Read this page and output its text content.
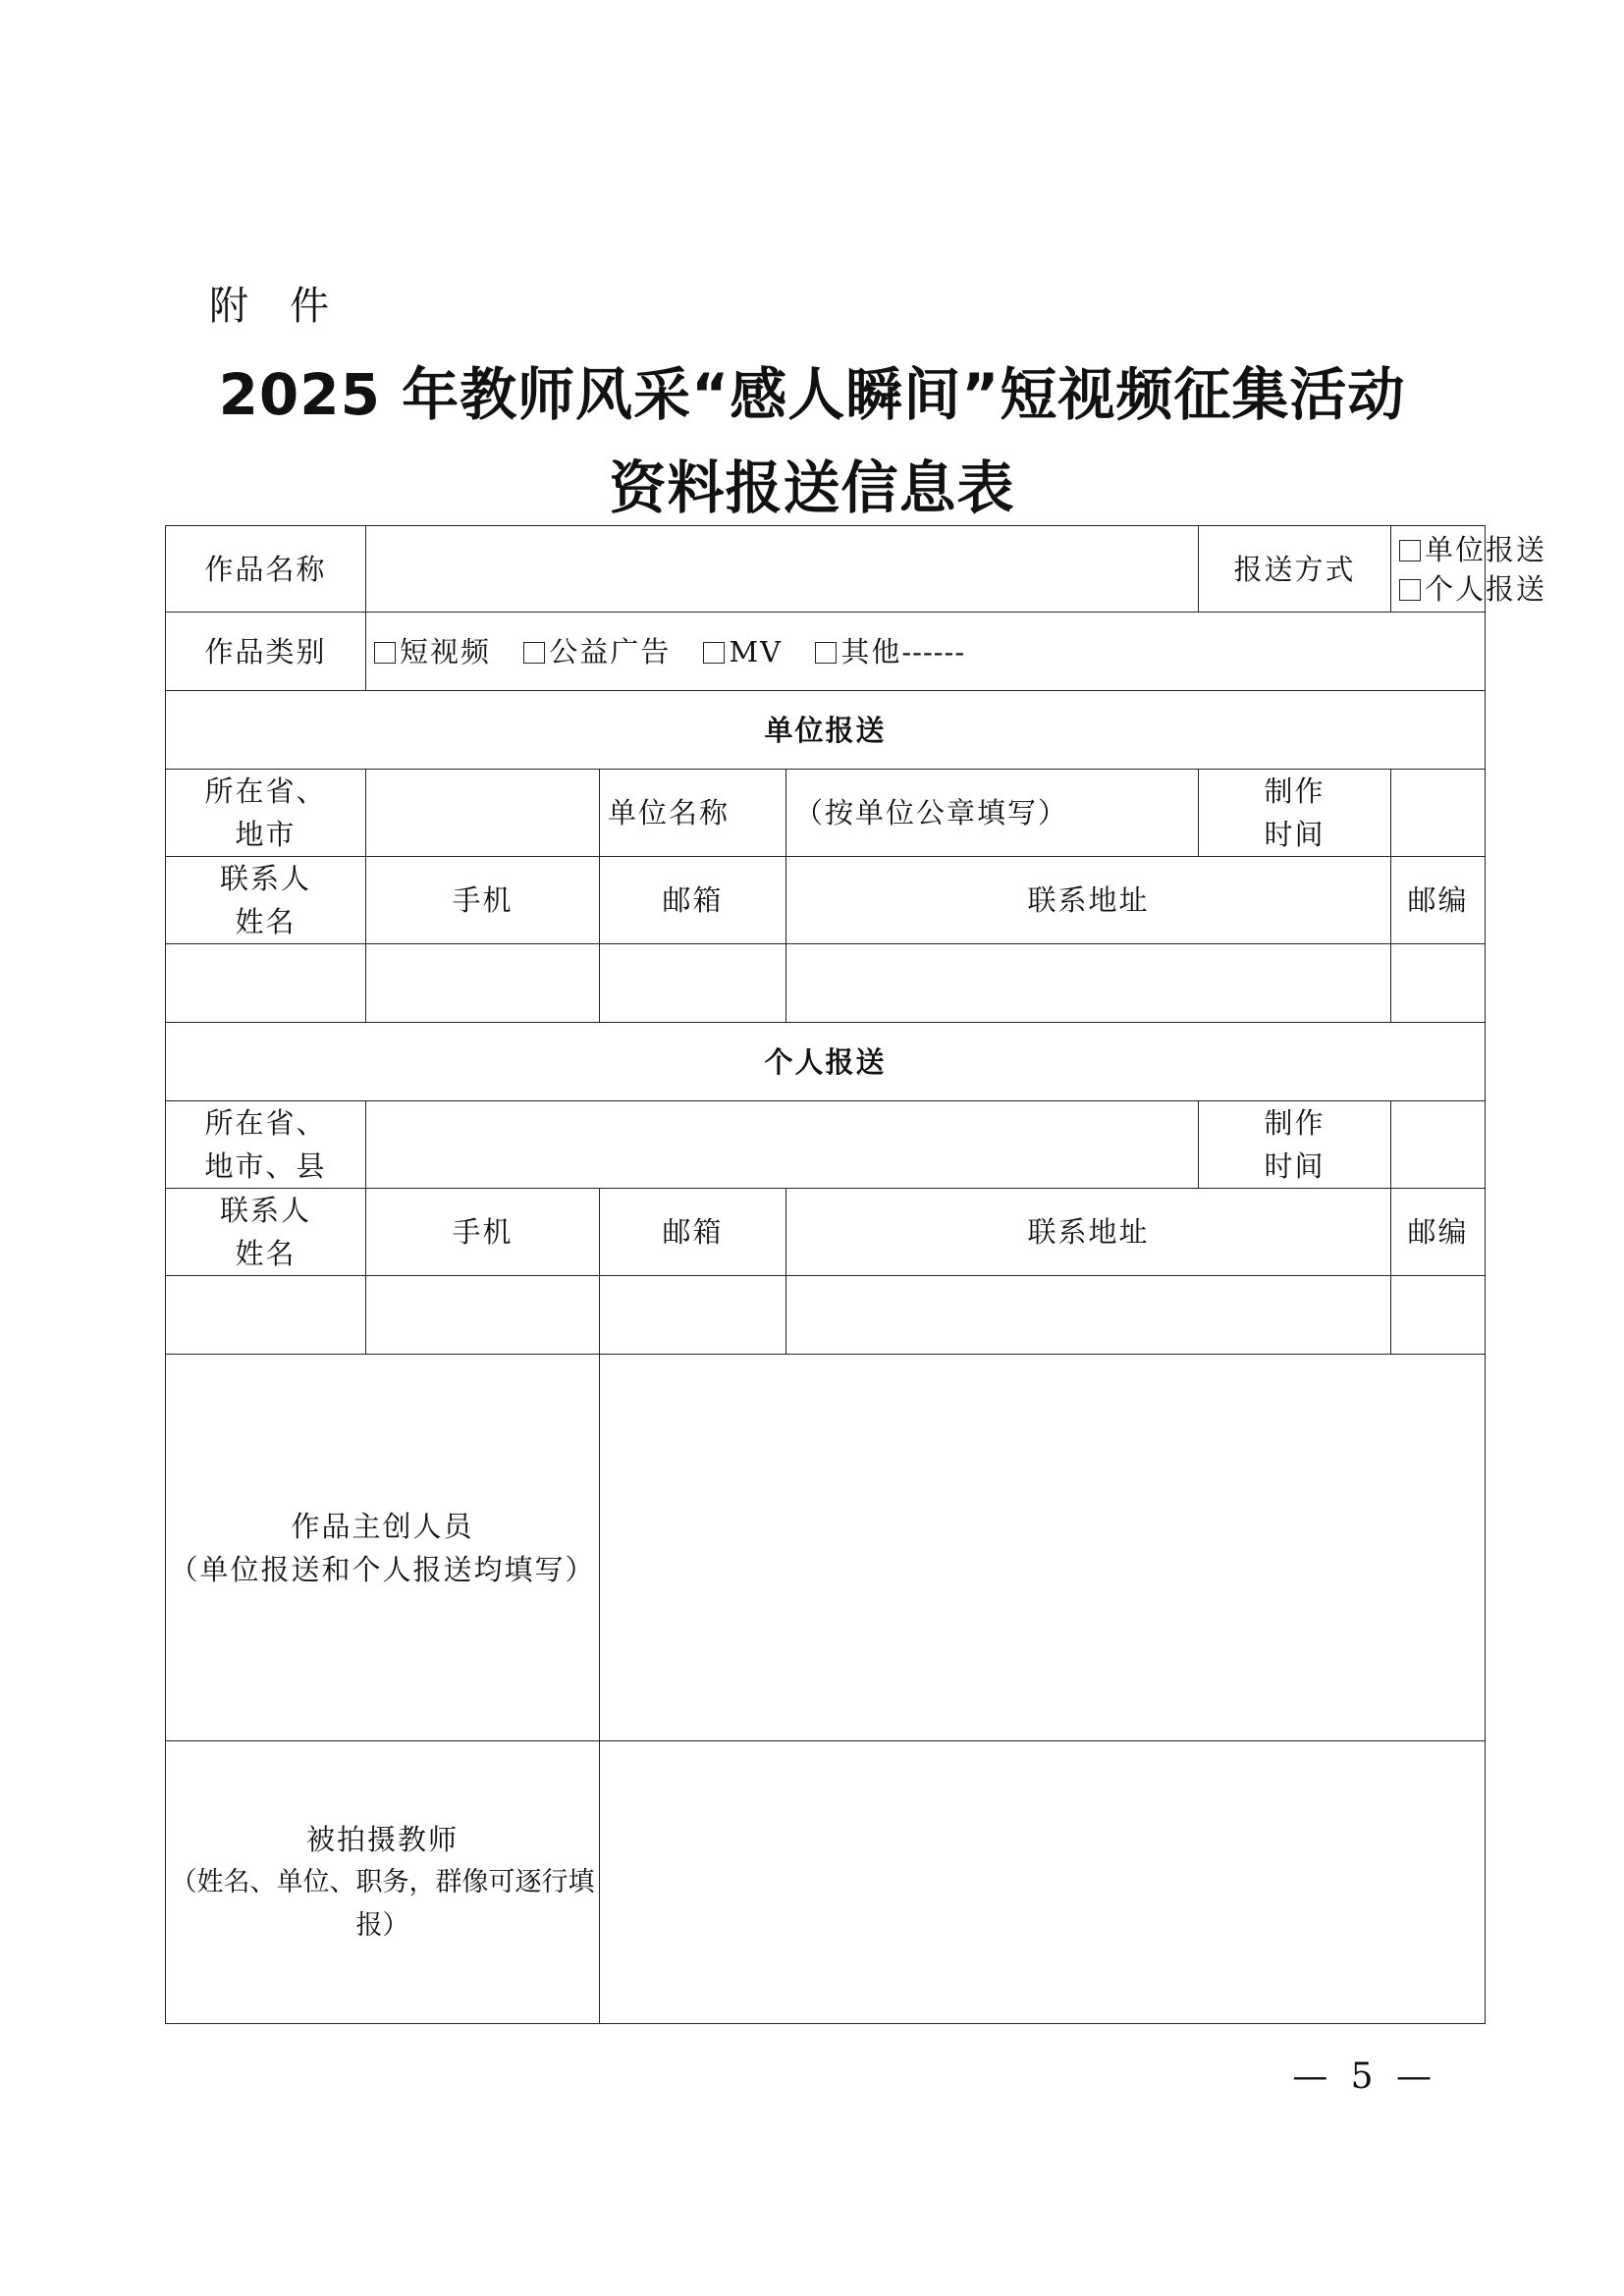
附 件
2025 年教师风采“感人瞬间”短视频征集活动
资料报送信息表
作品名称				报送方式	单位报送
个人报送

作品类别	短视频 公益广告 MV 其他------				
单位报送					

所在省、
地市		单位名称	（按单位公章填写）	制作
时间	

联系人
姓名	手机	邮箱	联系地址		邮编

个人报送					

所在省、
地市、县				制作
时间	

联系人
姓名	手机	邮箱	联系地址		邮编

作品主创人员
（单位报送和个人报送均填写）					

被拍摄教师
（姓名、单位、职务，群像可逐行填报）					

— 5 —
